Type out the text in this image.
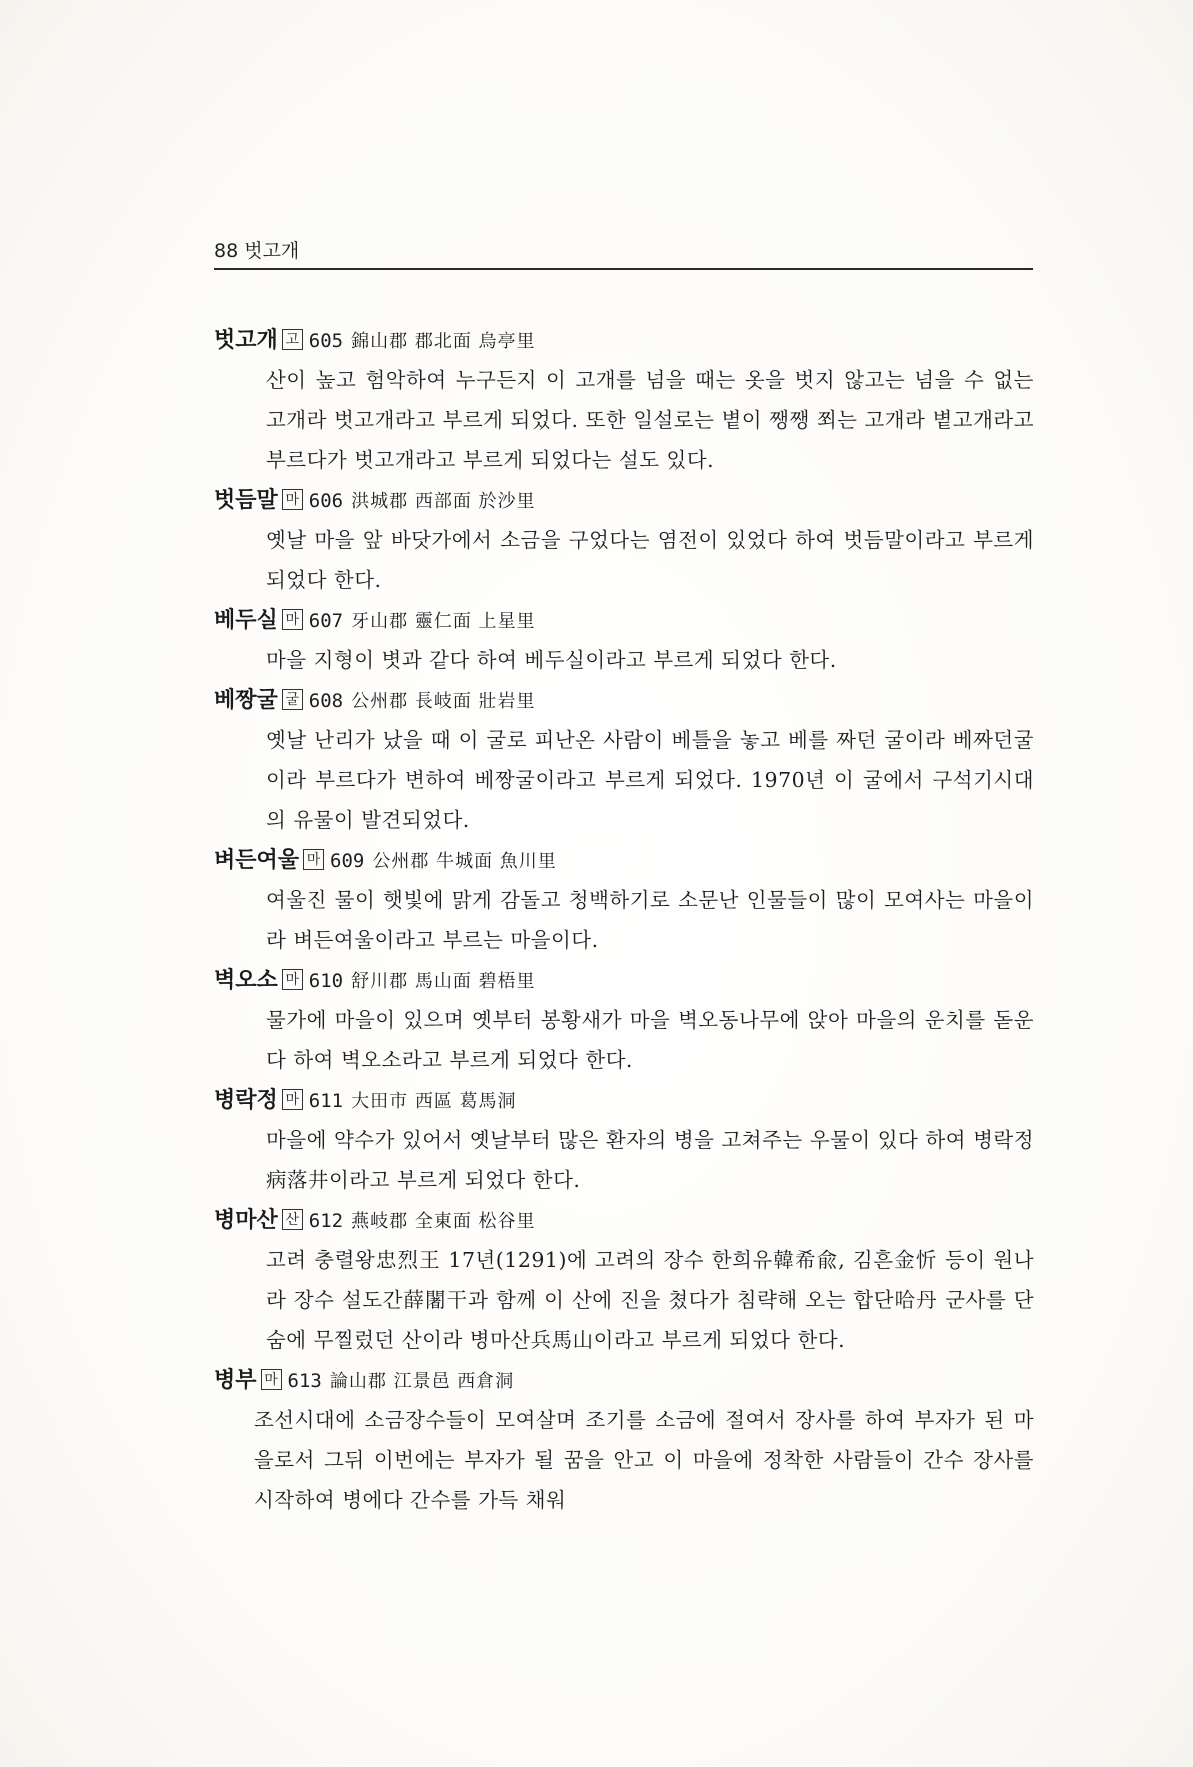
88 벗고개
벗고개 고 605 錦山郡 郡北面 烏亭里
산이 높고 험악하여 누구든지 이 고개를 넘을 때는 옷을 벗지 않고는 넘을 수 없는 고개라 벗고개라고 부르게 되었다. 또한 일설로는 볕이 쨍쨍 쬐는 고개라 볕고개라고 부르다가 벗고개라고 부르게 되었다는 설도 있다.
벗듬말 마 606 洪城郡 西部面 於沙里
옛날 마을 앞 바닷가에서 소금을 구었다는 염전이 있었다 하여 벗듬말이라고 부르게 되었다 한다.
베두실 마 607 牙山郡 靈仁面 上星里
마을 지형이 볏과 같다 하여 베두실이라고 부르게 되었다 한다.
베짱굴 굴 608 公州郡 長岐面 壯岩里
옛날 난리가 났을 때 이 굴로 피난온 사람이 베틀을 놓고 베를 짜던 굴이라 베짜던굴이라 부르다가 변하여 베짱굴이라고 부르게 되었다. 1970년 이 굴에서 구석기시대의 유물이 발견되었다.
벼든여울 마 609 公州郡 牛城面 魚川里
여울진 물이 햇빛에 맑게 감돌고 청백하기로 소문난 인물들이 많이 모여사는 마을이라 벼든여울이라고 부르는 마을이다.
벽오소 마 610 舒川郡 馬山面 碧梧里
물가에 마을이 있으며 옛부터 봉황새가 마을 벽오동나무에 앉아 마을의 운치를 돋운다 하여 벽오소라고 부르게 되었다 한다.
병락정 마 611 大田市 西區 葛馬洞
마을에 약수가 있어서 옛날부터 많은 환자의 병을 고쳐주는 우물이 있다 하여 병락정病落井이라고 부르게 되었다 한다.
병마산 산 612 燕岐郡 全東面 松谷里
고려 충렬왕忠烈王 17년(1291)에 고려의 장수 한희유韓希兪, 김흔金忻 등이 원나라 장수 설도간薛闍干과 함께 이 산에 진을 쳤다가 침략해 오는 합단哈丹 군사를 단숨에 무찔렀던 산이라 병마산兵馬山이라고 부르게 되었다 한다.
병부 마 613 論山郡 江景邑 西倉洞
조선시대에 소금장수들이 모여살며 조기를 소금에 절여서 장사를 하여 부자가 된 마을로서 그뒤 이번에는 부자가 될 꿈을 안고 이 마을에 정착한 사람들이 간수 장사를 시작하여 병에다 간수를 가득 채워
